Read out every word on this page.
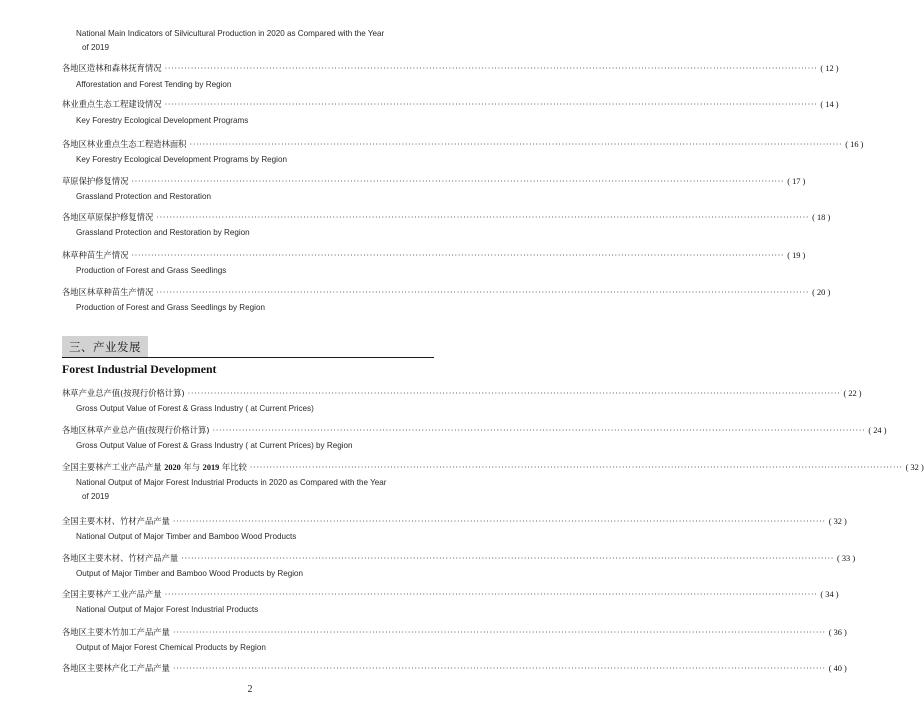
National Main Indicators of Silvicultural Production in 2020 as Compared with the Year
of 2019
各地区造林和森林抚育情况 ········································································································································································································ ( 12 )
Afforestation and Forest Tending by Region
林业重点生态工程建设情况 ········································································································································································································ ( 14 )
Key Forestry Ecological Development Programs
各地区林业重点生态工程造林面积 ········································································································································································································ ( 16 )
Key Forestry Ecological Development Programs by Region
草原保护修复情况 ········································································································································································································ ( 17 )
Grassland Protection and Restoration
各地区草原保护修复情况 ········································································································································································································ ( 18 )
Grassland Protection and Restoration by Region
林草种苗生产情况 ········································································································································································································ ( 19 )
Production of Forest and Grass Seedlings
各地区林草种苗生产情况 ········································································································································································································ ( 20 )
Production of Forest and Grass Seedlings by Region
三、产业发展
Forest Industrial Development
林草产业总产值(按现行价格计算) ········································································································································································································ ( 22 )
Gross Output Value of Forest & Grass Industry ( at Current Prices)
各地区林草产业总产值(按现行价格计算) ········································································································································································································ ( 24 )
Gross Output Value of Forest & Grass Industry ( at Current Prices) by Region
全国主要林产工业产品产量 2020 年与 2019 年比较 ········································································································································································································ ( 32 )
National Output of Major Forest Industrial Products in 2020 as Compared with the Year
of 2019
全国主要木材、竹材产品产量 ········································································································································································································ ( 32 )
National Output of Major Timber and Bamboo Wood Products
各地区主要木材、竹材产品产量 ········································································································································································································ ( 33 )
Output of Major Timber and Bamboo Wood Products by Region
全国主要林产工业产品产量 ········································································································································································································ ( 34 )
National Output of Major Forest Industrial Products
各地区主要木竹加工产品产量 ········································································································································································································ ( 36 )
Output of Major Forest Chemical Products by Region
各地区主要林产化工产品产量 ········································································································································································································ ( 40 )
2
